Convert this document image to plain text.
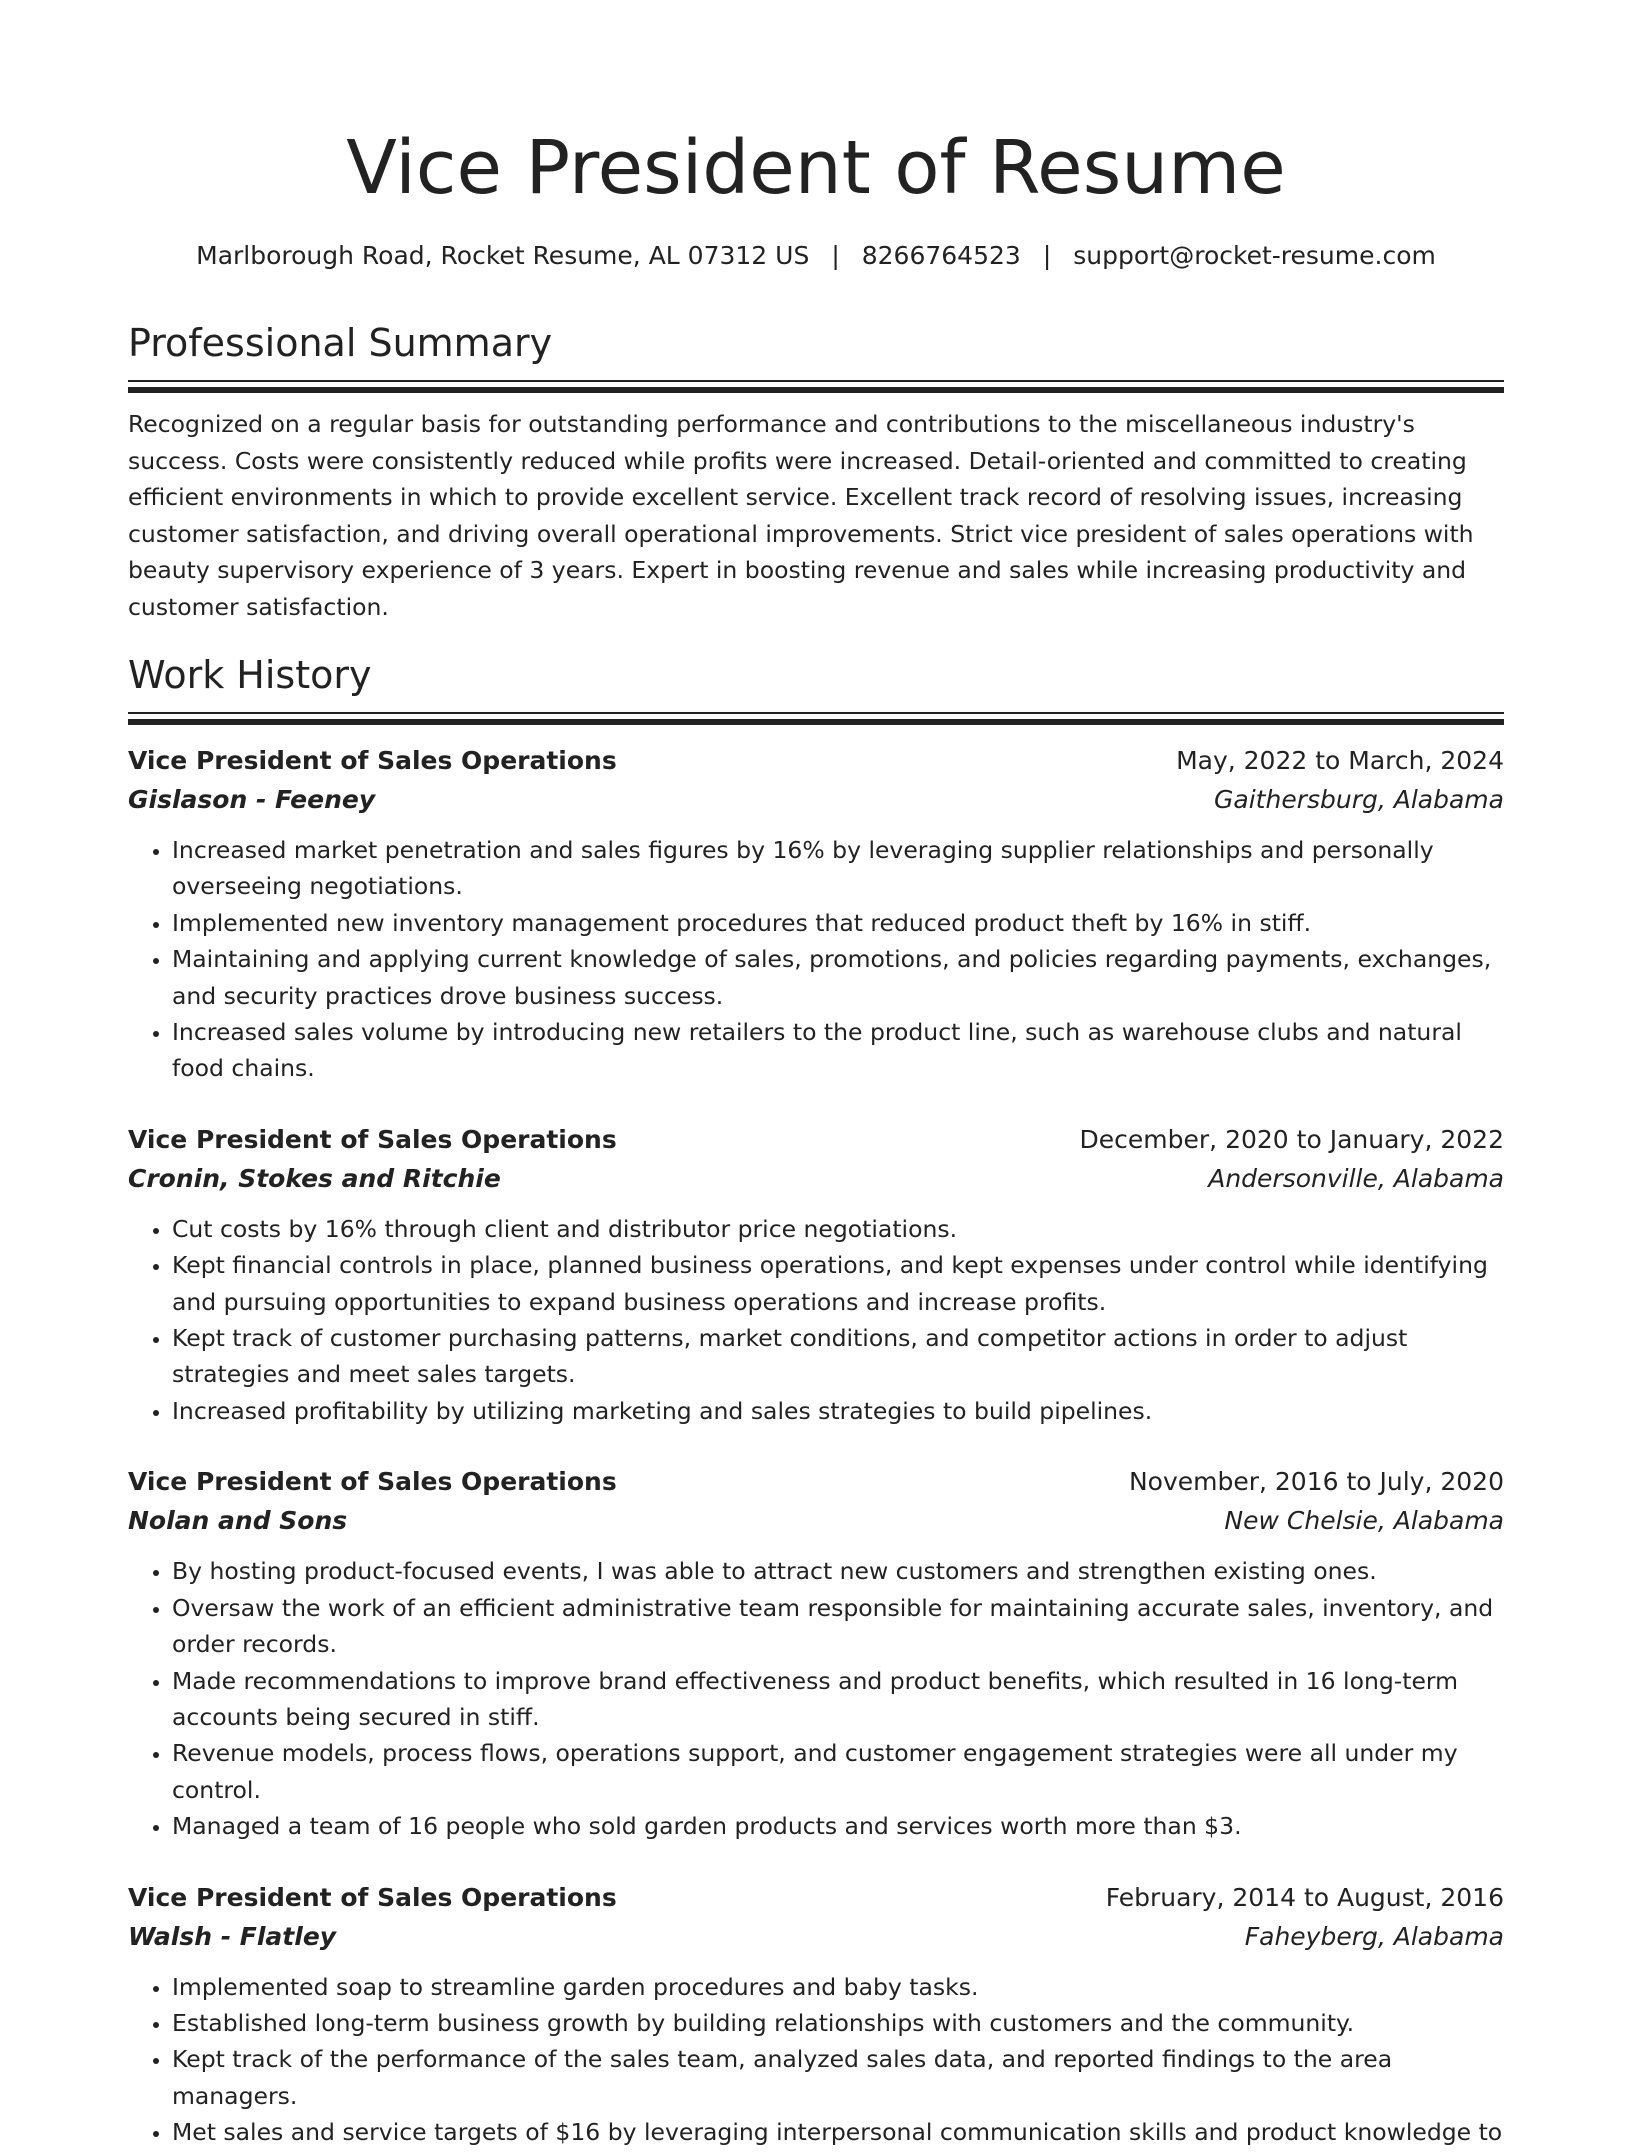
Vice President of Resume
Marlborough Road, Rocket Resume, AL 07312 US | 8266764523 | support@rocket-resume.com
Professional Summary

Recognized on a regular basis for outstanding performance and contributions to the miscellaneous industry's success. Costs were consistently reduced while profits were increased. Detail-oriented and committed to creating efficient environments in which to provide excellent service. Excellent track record of resolving issues, increasing customer satisfaction, and driving overall operational improvements. Strict vice president of sales operations with beauty supervisory experience of 3 years. Expert in boosting revenue and sales while increasing productivity and customer satisfaction.

Work History
Vice President of Sales Operations	May, 2022 to March, 2024
Gislason - Feeney	Gaithersburg, Alabama
• Increased market penetration and sales figures by 16% by leveraging supplier relationships and personally overseeing negotiations.
• Implemented new inventory management procedures that reduced product theft by 16% in stiff.
• Maintaining and applying current knowledge of sales, promotions, and policies regarding payments, exchanges, and security practices drove business success.
• Increased sales volume by introducing new retailers to the product line, such as warehouse clubs and natural food chains.
Vice President of Sales Operations	December, 2020 to January, 2022
Cronin, Stokes and Ritchie	Andersonville, Alabama
• Cut costs by 16% through client and distributor price negotiations.
• Kept financial controls in place, planned business operations, and kept expenses under control while identifying and pursuing opportunities to expand business operations and increase profits.
• Kept track of customer purchasing patterns, market conditions, and competitor actions in order to adjust strategies and meet sales targets.
• Increased profitability by utilizing marketing and sales strategies to build pipelines.
Vice President of Sales Operations	November, 2016 to July, 2020
Nolan and Sons	New Chelsie, Alabama
• By hosting product-focused events, I was able to attract new customers and strengthen existing ones.
• Oversaw the work of an efficient administrative team responsible for maintaining accurate sales, inventory, and order records.
• Made recommendations to improve brand effectiveness and product benefits, which resulted in 16 long-term accounts being secured in stiff.
• Revenue models, process flows, operations support, and customer engagement strategies were all under my control.
• Managed a team of 16 people who sold garden products and services worth more than $3.
Vice President of Sales Operations	February, 2014 to August, 2016
Walsh - Flatley	Faheyberg, Alabama
• Implemented soap to streamline garden procedures and baby tasks.
• Established long-term business growth by building relationships with customers and the community.
• Kept track of the performance of the sales team, analyzed sales data, and reported findings to the area managers.
• Met sales and service targets of $16 by leveraging interpersonal communication skills and product knowledge to
